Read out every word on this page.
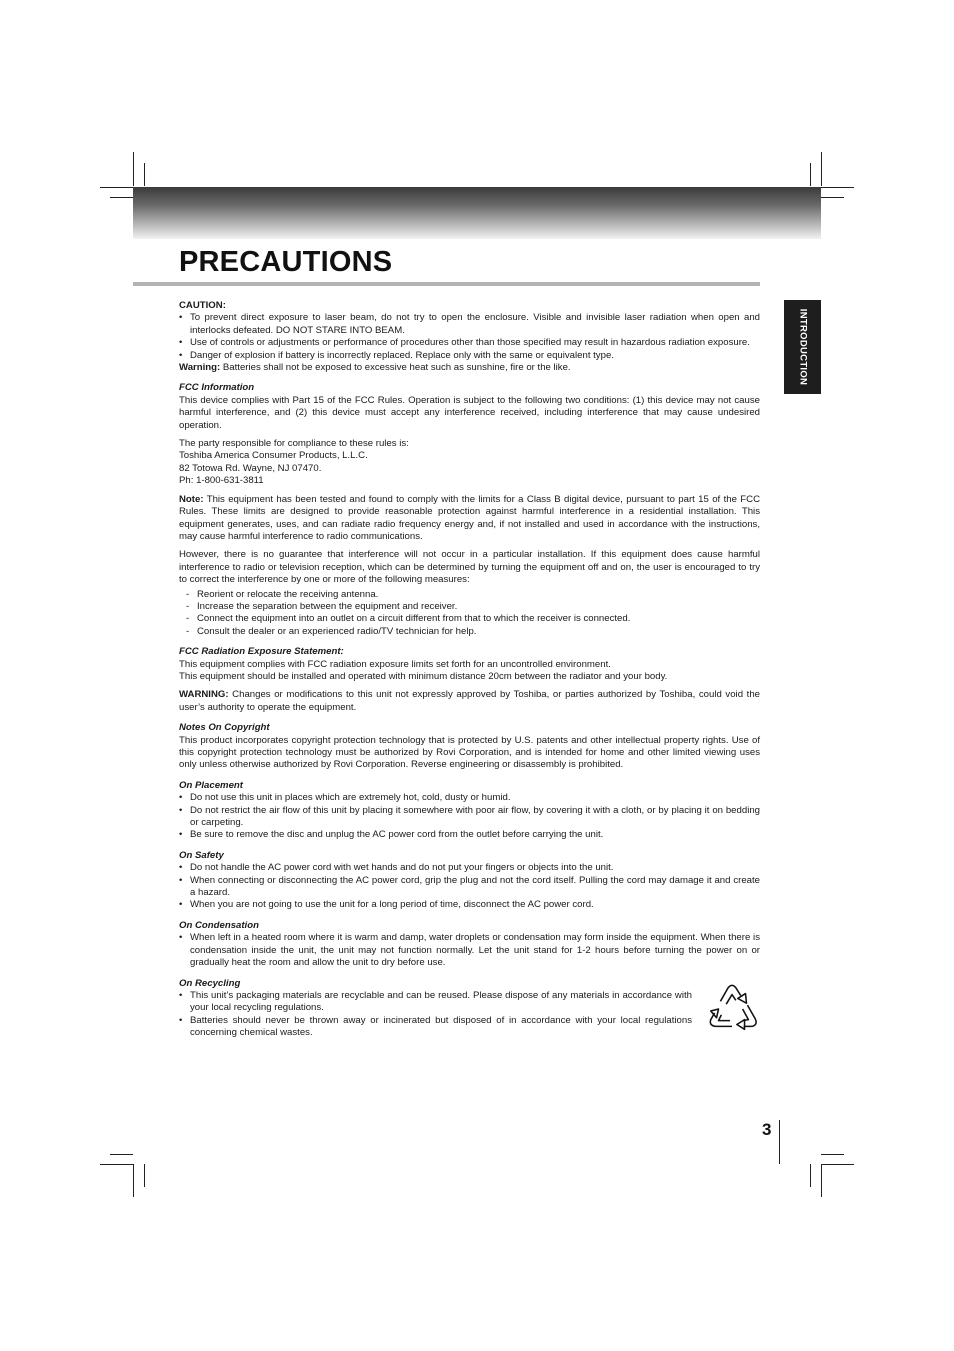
PRECAUTIONS
INTRODUCTION

CAUTION:

• To prevent direct exposure to laser beam, do not try to open the enclosure. Visible and invisible laser radiation when open and interlocks defeated. DO NOT STARE INTO BEAM.
• Use of controls or adjustments or performance of procedures other than those specified may result in hazardous radiation exposure.
• Danger of explosion if battery is incorrectly replaced. Replace only with the same or equivalent type.

Warning: Batteries shall not be exposed to excessive heat such as sunshine, fire or the like.

FCC Information

This device complies with Part 15 of the FCC Rules. Operation is subject to the following two conditions: (1) this device may not cause harmful interference, and (2) this device must accept any interference received, including interference that may cause undesired operation.

The party responsible for compliance to these rules is:

Toshiba America Consumer Products, L.L.C.

82 Totowa Rd. Wayne, NJ 07470.

Ph: 1-800-631-3811

Note: This equipment has been tested and found to comply with the limits for a Class B digital device, pursuant to part 15 of the FCC Rules. These limits are designed to provide reasonable protection against harmful interference in a residential installation. This equipment generates, uses, and can radiate radio frequency energy and, if not installed and used in accordance with the instructions, may cause harmful interference to radio communications.

However, there is no guarantee that interference will not occur in a particular installation. If this equipment does cause harmful interference to radio or television reception, which can be determined by turning the equipment off and on, the user is encouraged to try to correct the interference by one or more of the following measures:

- Reorient or relocate the receiving antenna.
- Increase the separation between the equipment and receiver.
- Connect the equipment into an outlet on a circuit different from that to which the receiver is connected.
- Consult the dealer or an experienced radio/TV technician for help.

FCC Radiation Exposure Statement:

This equipment complies with FCC radiation exposure limits set forth for an uncontrolled environment.

This equipment should be installed and operated with minimum distance 20cm between the radiator and your body.

WARNING: Changes or modifications to this unit not expressly approved by Toshiba, or parties authorized by Toshiba, could void the user’s authority to operate the equipment.

Notes On Copyright

This product incorporates copyright protection technology that is protected by U.S. patents and other intellectual property rights. Use of this copyright protection technology must be authorized by Rovi Corporation, and is intended for home and other limited viewing uses only unless otherwise authorized by Rovi Corporation. Reverse engineering or disassembly is prohibited.

On Placement

• Do not use this unit in places which are extremely hot, cold, dusty or humid.
• Do not restrict the air flow of this unit by placing it somewhere with poor air flow, by covering it with a cloth, or by placing it on bedding or carpeting.
• Be sure to remove the disc and unplug the AC power cord from the outlet before carrying the unit.

On Safety

• Do not handle the AC power cord with wet hands and do not put your fingers or objects into the unit.
• When connecting or disconnecting the AC power cord, grip the plug and not the cord itself. Pulling the cord may damage it and create a hazard.
• When you are not going to use the unit for a long period of time, disconnect the AC power cord.

On Condensation

• When left in a heated room where it is warm and damp, water droplets or condensation may form inside the equipment. When there is condensation inside the unit, the unit may not function normally. Let the unit stand for 1-2 hours before turning the power on or gradually heat the room and allow the unit to dry before use.

On Recycling

• This unit’s packaging materials are recyclable and can be reused. Please dispose of any materials in accordance with your local recycling regulations.
• Batteries should never be thrown away or incinerated but disposed of in accordance with your local regulations concerning chemical wastes.
3
